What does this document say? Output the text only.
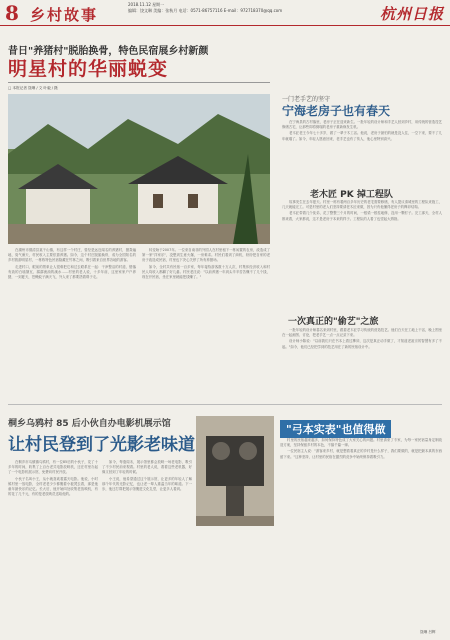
8 乡村故事
2018.11.12 星期一
编辑：饶文琳 美编：张秋月 电话：0571-86757116 E-mail：972718370@qq.com	杭州日报
昔日"养猪村"脱胎换骨，特色民宿展乡村新颜
明星村的华丽蜕变
□ 本报记者 饶琳 / 文 叶毅 / 摄

在湖州市德清县莫干山镇，有这样一个村庄，曾经是远近闻名的养猪村，猪粪遍地、臭气熏天，村民收入主要依靠养猪。如今，这个村庄脱胎换骨，成为全国知名的乡村旅游明星村，一栋栋特色民宿隐藏在竹林之间，吸引着来自世界各地的游客。

走进村口，眼前的景象让人很难把它和过去联系在一起：干净整洁的村道、错落有致的白墙黛瓦、潺潺流淌的溪水……村里的老人说，十多年前，这里家家户户养猪，一到夏天，苍蝇蚊子满天飞，外人来了都要捂着鼻子走。

转变始于2007年。一位来自南非的外国人在村里租下一栋闲置的农房，改造成了第一家"洋家乐"，没想到生意火爆，一房难求。村民们看到了商机，纷纷把自家的老房子改造成民宿，村里也下决心关停了所有养猪场。

如今，全村共有民宿一百多家，每年接待游客数十万人次，村集体经济收入和村民人均收入都翻了好几番。村民老沈说："以前养猪一年到头辛辛苦苦赚不了几个钱，现在开民宿，坐在家里就能把钱赚了。"

一门老手艺的坚守
宁海老房子也有春天

在宁海县的古村落里，老房子正在迎来新生。一批年轻的设计师和手艺人回到乡村，用传统的营造技艺修缮古宅，让那些即将倒塌的老房子重新焕发生机。

老木匠老王今年七十多岁，做了一辈子木工活。他说，老房子最怕的就是没人住，一空下来，要不了几年就塌了。如今，年轻人愿意回来，老手艺也有了传人，他心里特别高兴。

老木匠 PK 掉工程队

故事发生在去年夏天。村里一栋有着两百多年历史的老宅需要修缮，有人提议请城里的工程队来施工，几天就能完工。可是村里的老人们坚持要请老木匠来做，因为只有他懂得老房子的榫卯结构。

老木匠带着几个徒弟，花了整整三个月的时间，一根梁一根柱地修，没用一颗钉子。完工那天，全村人都来看，大家都说，这才是老房子本来的样子。工程队的人看了也竖起大拇指。

一次真正的"偷艺"之旅

一批年轻的设计师慕名来到村里，跟着老木匠学习传统的营造技艺。他们白天在工地上干活，晚上围坐在一起画图、讨论，把老手艺一点一点记录下来。

设计师小陈说："以前我们只在书本上看过榫卯，这次是真正动手做了，才知道老祖宗的智慧有多了不起。"如今，他们已经把学到的技艺用在了新的民宿设计中。

桐乡乌鸦村 85 后小伙自办电影机展示馆
让村民登到了光影老味道

在桐乡市乌镇镇乌鸦村，有一位85后的小伙子，花了十多年的时间，收集了上百台老式电影放映机，还在村里办起了一个电影机展示馆，免费向村民开放。

小伙子名叫小王，从小就喜欢看露天电影。他说，小时候村里一放电影，全村老老少少都搬着小板凳去看，那是他童年最快乐的记忆。长大后，他开始四处收集老放映机，有的花了几千元，有的是老放映员送给他的。

如今，每逢周末，展示馆里都会放映一场老电影，吸引了不少村民前来观看。村里的老人说，看着这些老机器，好像又回到了年轻的时候。

小王说，他希望通过这个展示馆，让更多的年轻人了解那个年代的光影记忆，也让老一辈人重温当年的味道。下一步，他还打算把展示馆搬进文化礼堂，让更多人看到。

"弓本实表"也值得做

村里的民宿越来越多，如何保持特色成了大家关心的问题。村里请来了专家，为每一家民宿量身定制改造方案，坚持保留乡村的本色，不搞千篇一律。

一位民宿主人说："游客来乡村，就是想看看真正的乡村是什么样子，我们要做的，就是把最本真的东西留下来。"这种坚持，让村里的民宿在激烈的竞争中始终保持着吸引力。

饶琳 吕辉
